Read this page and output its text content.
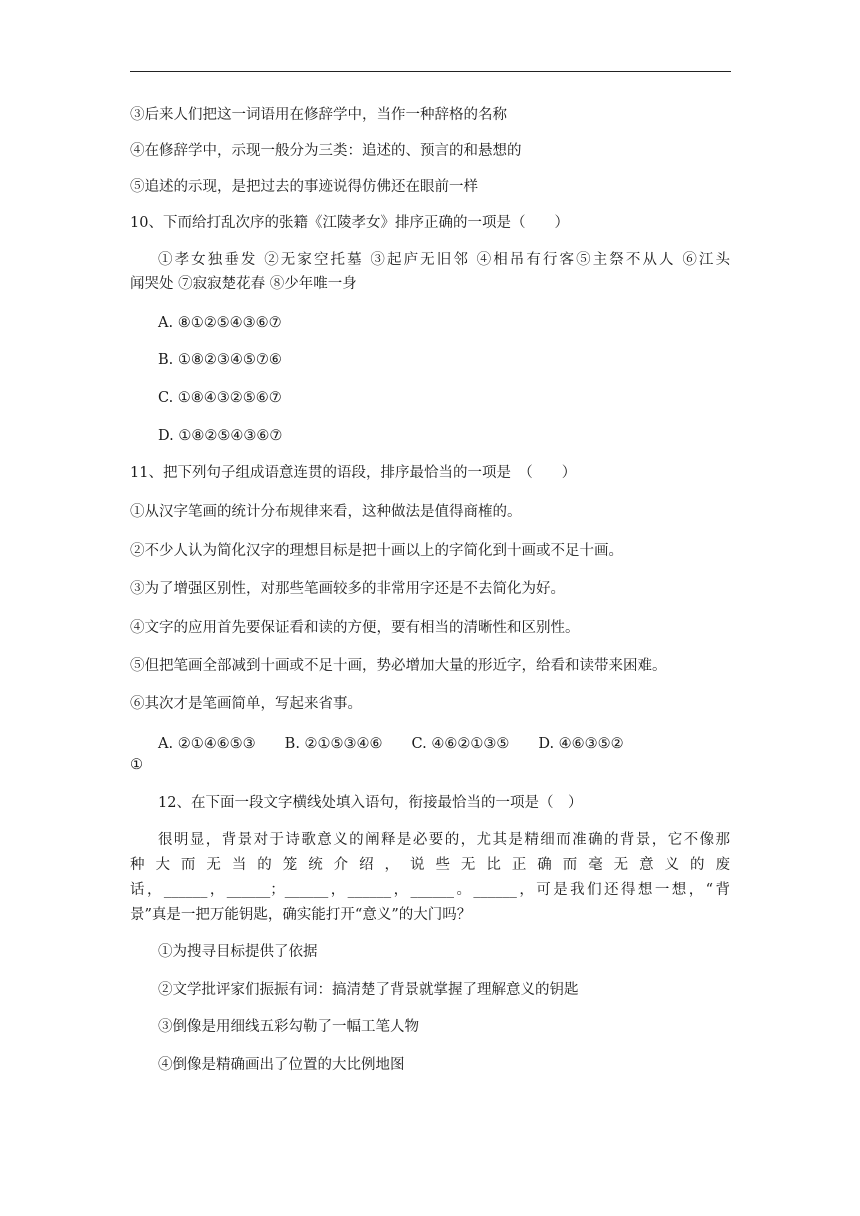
③后来人们把这一词语用在修辞学中，当作一种辞格的名称
④在修辞学中，示现一般分为三类：追述的、预言的和悬想的
⑤追述的示现，是把过去的事迹说得仿佛还在眼前一样
10、下而给打乱次序的张籍《江陵孝女》排序正确的一项是（　　）
①孝女独垂发 ②无家空托墓 ③起庐无旧邻 ④相吊有行客⑤主祭不从人 ⑥江头
闻哭处 ⑦寂寂楚花春 ⑧少年唯一身
A. ⑧①②⑤④③⑥⑦
B. ①⑧②③④⑤⑦⑥
C. ①⑧④③②⑤⑥⑦
D. ①⑧②⑤④③⑥⑦
11、把下列句子组成语意连贯的语段，排序最恰当的一项是　（　　）
①从汉字笔画的统计分布规律来看，这种做法是值得商榷的。
②不少人认为简化汉字的理想目标是把十画以上的字简化到十画或不足十画。
③为了增强区别性，对那些笔画较多的非常用字还是不去简化为好。
④文字的应用首先要保证看和读的方便，要有相当的清晰性和区别性。
⑤但把笔画全部减到十画或不足十画，势必增加大量的形近字，给看和读带来困难。
⑥其次才是笔画简单，写起来省事。
A. ②①④⑥⑤③　　B. ②①⑤③④⑥　　C. ④⑥②①③⑤　　D. ④⑥③⑤②
①
12、在下面一段文字横线处填入语句，衔接最恰当的一项是（　）
很明显，背景对于诗歌意义的阐释是必要的，尤其是精细而准确的背景，它不像那
种 大 而 无 当 的 笼 统 介 绍 ， 说 些 无 比 正 确 而 毫 无 意 义 的 废
话，______，______；______，______，______。______，可是我们还得想一想，“背
景”真是一把万能钥匙，确实能打开“意义”的大门吗？
①为搜寻目标提供了依据
②文学批评家们振振有词：搞清楚了背景就掌握了理解意义的钥匙
③倒像是用细线五彩勾勒了一幅工笔人物
④倒像是精确画出了位置的大比例地图
